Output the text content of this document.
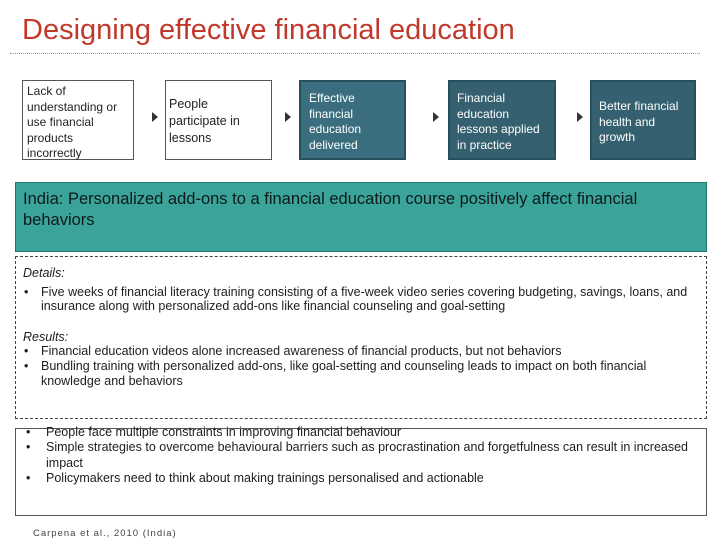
Designing effective financial education
Lack of understanding or use financial products incorrectly
People participate in lessons
Effective financial education delivered
Financial education lessons applied in practice
Better financial health and growth
India: Personalized add-ons to a financial education course positively affect financial behaviors
Details:
• Five weeks of financial literacy training consisting of a five-week video series covering budgeting, savings, loans, and insurance along with personalized add-ons like financial counseling and goal-setting
Results:
• Financial education videos alone increased awareness of financial products, but not behaviors
• Bundling training with personalized add-ons, like goal-setting and counseling leads to impact on both financial knowledge and behaviors
• People face multiple constraints in improving financial behaviour
• Simple strategies to overcome behavioural barriers such as procrastination and forgetfulness can result in increased impact
• Policymakers need to think about making trainings personalised and actionable
Carpena et al., 2010 (India)
